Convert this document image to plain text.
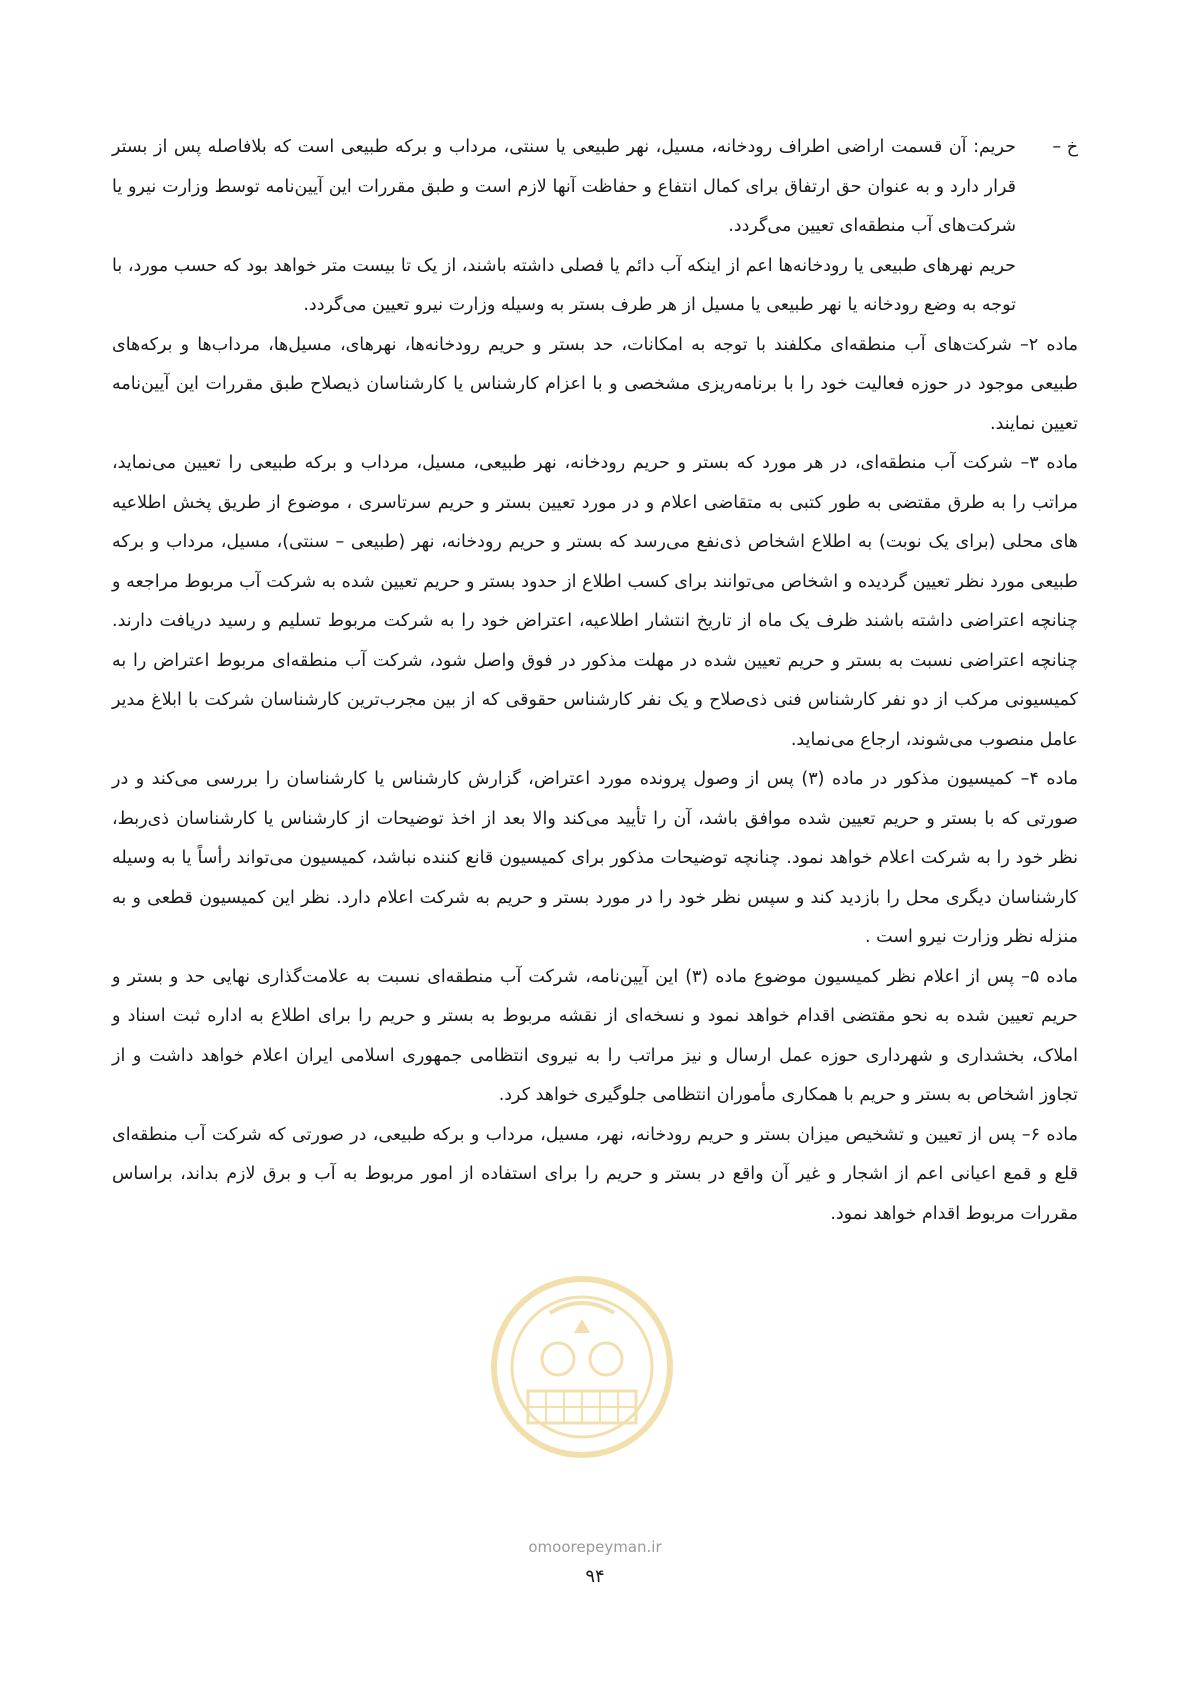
خ –
حریم: آن قسمت اراضی اطراف رودخانه، مسیل، نهر طبیعی یا سنتی، مرداب و برکه طبیعی است که بلافاصله پس از بستر قرار دارد و به عنوان حق ارتفاق برای کمال انتفاع و حفاظت آنها لازم است و طبق مقررات این آیین‌نامه توسط وزارت نیرو یا شرکت‌های آب منطقه‌ای تعیین می‌گردد.

حریم نهرهای طبیعی یا رودخانه‌ها اعم از اینکه آب دائم یا فصلی داشته باشند، از یک تا بیست متر خواهد بود که حسب مورد، با توجه به وضع رودخانه یا نهر طبیعی یا مسیل از هر طرف بستر به وسیله وزارت نیرو تعیین می‌گردد.

ماده ۲– شرکت‌های آب منطقه‌ای مکلفند با توجه به امکانات، حد بستر و حریم رودخانه‌ها، نهرهای، مسیل‌ها، مرداب‌ها و برکه‌های طبیعی موجود در حوزه فعالیت خود را با برنامه‌ریزی مشخصی و با اعزام کارشناس یا کارشناسان ذیصلاح طبق مقررات این آیین‌نامه تعیین نمایند.

ماده ۳– شرکت آب منطقه‌ای، در هر مورد که بستر و حریم رودخانه، نهر طبیعی، مسیل، مرداب و برکه طبیعی را تعیین می‌نماید، مراتب را به طرق مقتضی به طور کتبی به متقاضی اعلام و در مورد تعیین بستر و حریم سرتاسری ، موضوع از طریق پخش اطلاعیه های محلی (برای یک نوبت) به اطلاع اشخاص ذی‌نفع می‌رسد که بستر و حریم رودخانه، نهر (طبیعی – سنتی)، مسیل، مرداب و برکه طبیعی مورد نظر تعیین گردیده و اشخاص می‌توانند برای کسب اطلاع از حدود بستر و حریم تعیین شده به شرکت آب مربوط مراجعه و چنانچه اعتراضی داشته باشند ظرف یک ماه از تاریخ انتشار اطلاعیه، اعتراض خود را به شرکت مربوط تسلیم و رسید دریافت دارند. چنانچه اعتراضی نسبت به بستر و حریم تعیین شده در مهلت مذکور در فوق واصل شود، شرکت آب منطقه‌ای مربوط اعتراض را به کمیسیونی مرکب از دو نفر کارشناس فنی ذی‌صلاح و یک نفر کارشناس حقوقی که از بین مجرب‌ترین کارشناسان شرکت با ابلاغ مدیر عامل منصوب می‌شوند، ارجاع می‌نماید.

ماده ۴– کمیسیون مذکور در ماده (۳) پس از وصول پرونده مورد اعتراض، گزارش کارشناس یا کارشناسان را بررسی می‌کند و در صورتی که با بستر و حریم تعیین شده موافق باشد، آن را تأیید می‌کند والا بعد از اخذ توضیحات از کارشناس یا کارشناسان ذی‌ربط، نظر خود را به شرکت اعلام خواهد نمود. چنانچه توضیحات مذکور برای کمیسیون قانع کننده نباشد، کمیسیون می‌تواند رأساً یا به وسیله کارشناسان دیگری محل را بازدید کند و سپس نظر خود را در مورد بستر و حریم به شرکت اعلام دارد. نظر این کمیسیون قطعی و به منزله نظر وزارت نیرو است .

ماده ۵– پس از اعلام نظر کمیسیون موضوع ماده (۳) این آیین‌نامه، شرکت آب منطقه‌ای نسبت به علامت‌گذاری نهایی حد و بستر و حریم تعیین شده به نحو مقتضی اقدام خواهد نمود و نسخه‌ای از نقشه مربوط به بستر و حریم را برای اطلاع به اداره ثبت اسناد و املاک، بخشداری و شهرداری حوزه عمل ارسال و نیز مراتب را به نیروی انتظامی جمهوری اسلامی ایران اعلام خواهد داشت و از تجاوز اشخاص به بستر و حریم با همکاری مأموران انتظامی جلوگیری خواهد کرد.

ماده ۶– پس از تعیین و تشخیص میزان بستر و حریم رودخانه، نهر، مسیل، مرداب و برکه طبیعی، در صورتی که شرکت آب منطقه‌ای قلع و قمع اعیانی اعم از اشجار و غیر آن واقع در بستر و حریم را برای استفاده از امور مربوط به آب و برق لازم بداند، براساس مقررات مربوط اقدام خواهد نمود.

omoorepeyman.ir
۹۴
